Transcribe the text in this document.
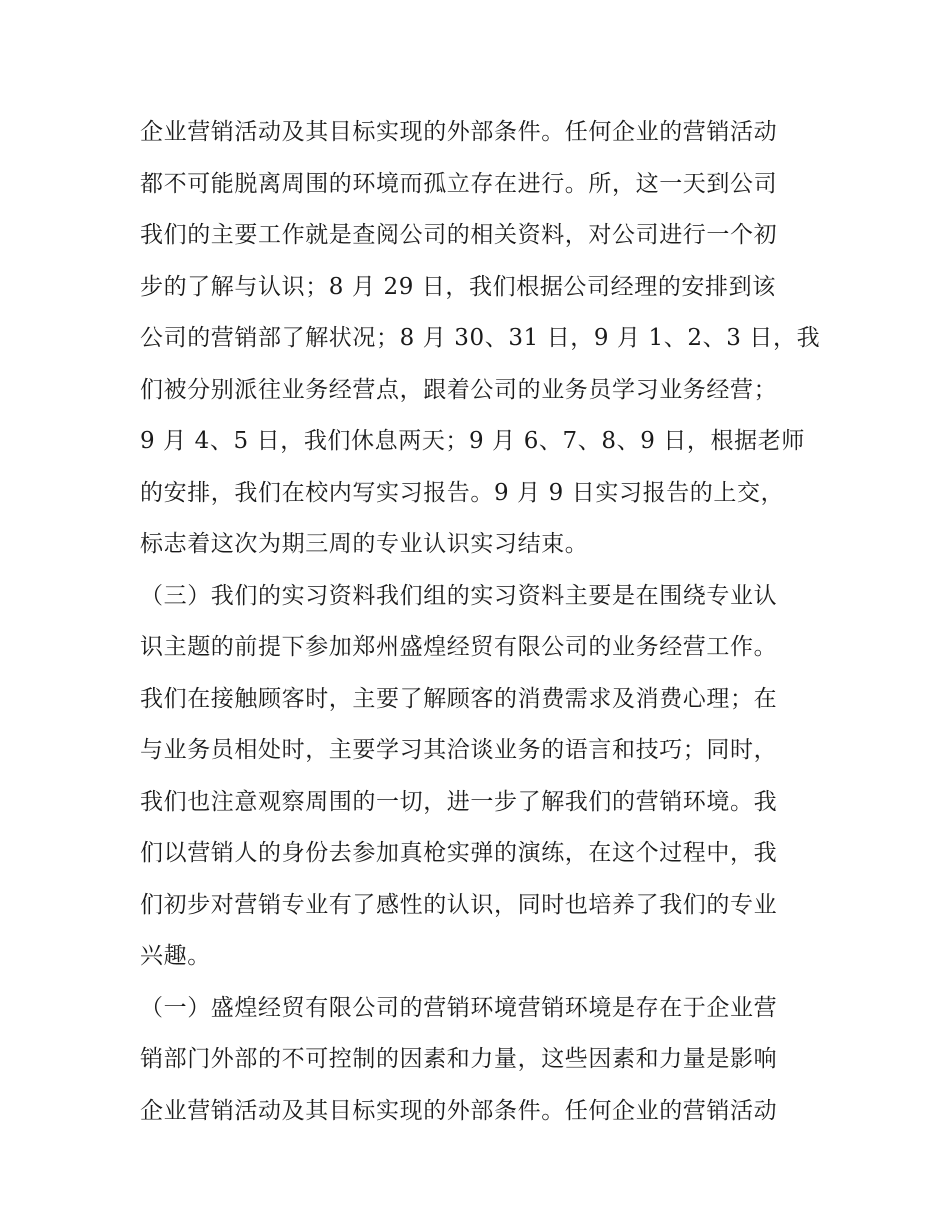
企业营销活动及其目标实现的外部条件。任何企业的营销活动
都不可能脱离周围的环境而孤立存在进行。所，这一天到公司
我们的主要工作就是查阅公司的相关资料，对公司进行一个初
步的了解与认识；8 月 29 日，我们根据公司经理的安排到该
公司的营销部了解状况；8 月 30、31 日，9 月 1、2、3 日，我
们被分别派往业务经营点，跟着公司的业务员学习业务经营；
9 月 4、5 日，我们休息两天；9 月 6、7、8、9 日，根据老师
的安排，我们在校内写实习报告。9 月 9 日实习报告的上交，
标志着这次为期三周的专业认识实习结束。
（三）我们的实习资料我们组的实习资料主要是在围绕专业认
识主题的前提下参加郑州盛煌经贸有限公司的业务经营工作。
我们在接触顾客时，主要了解顾客的消费需求及消费心理；在
与业务员相处时，主要学习其洽谈业务的语言和技巧；同时，
我们也注意观察周围的一切，进一步了解我们的营销环境。我
们以营销人的身份去参加真枪实弹的演练，在这个过程中，我
们初步对营销专业有了感性的认识，同时也培养了我们的专业
兴趣。
（一）盛煌经贸有限公司的营销环境营销环境是存在于企业营
销部门外部的不可控制的因素和力量，这些因素和力量是影响
企业营销活动及其目标实现的外部条件。任何企业的营销活动
